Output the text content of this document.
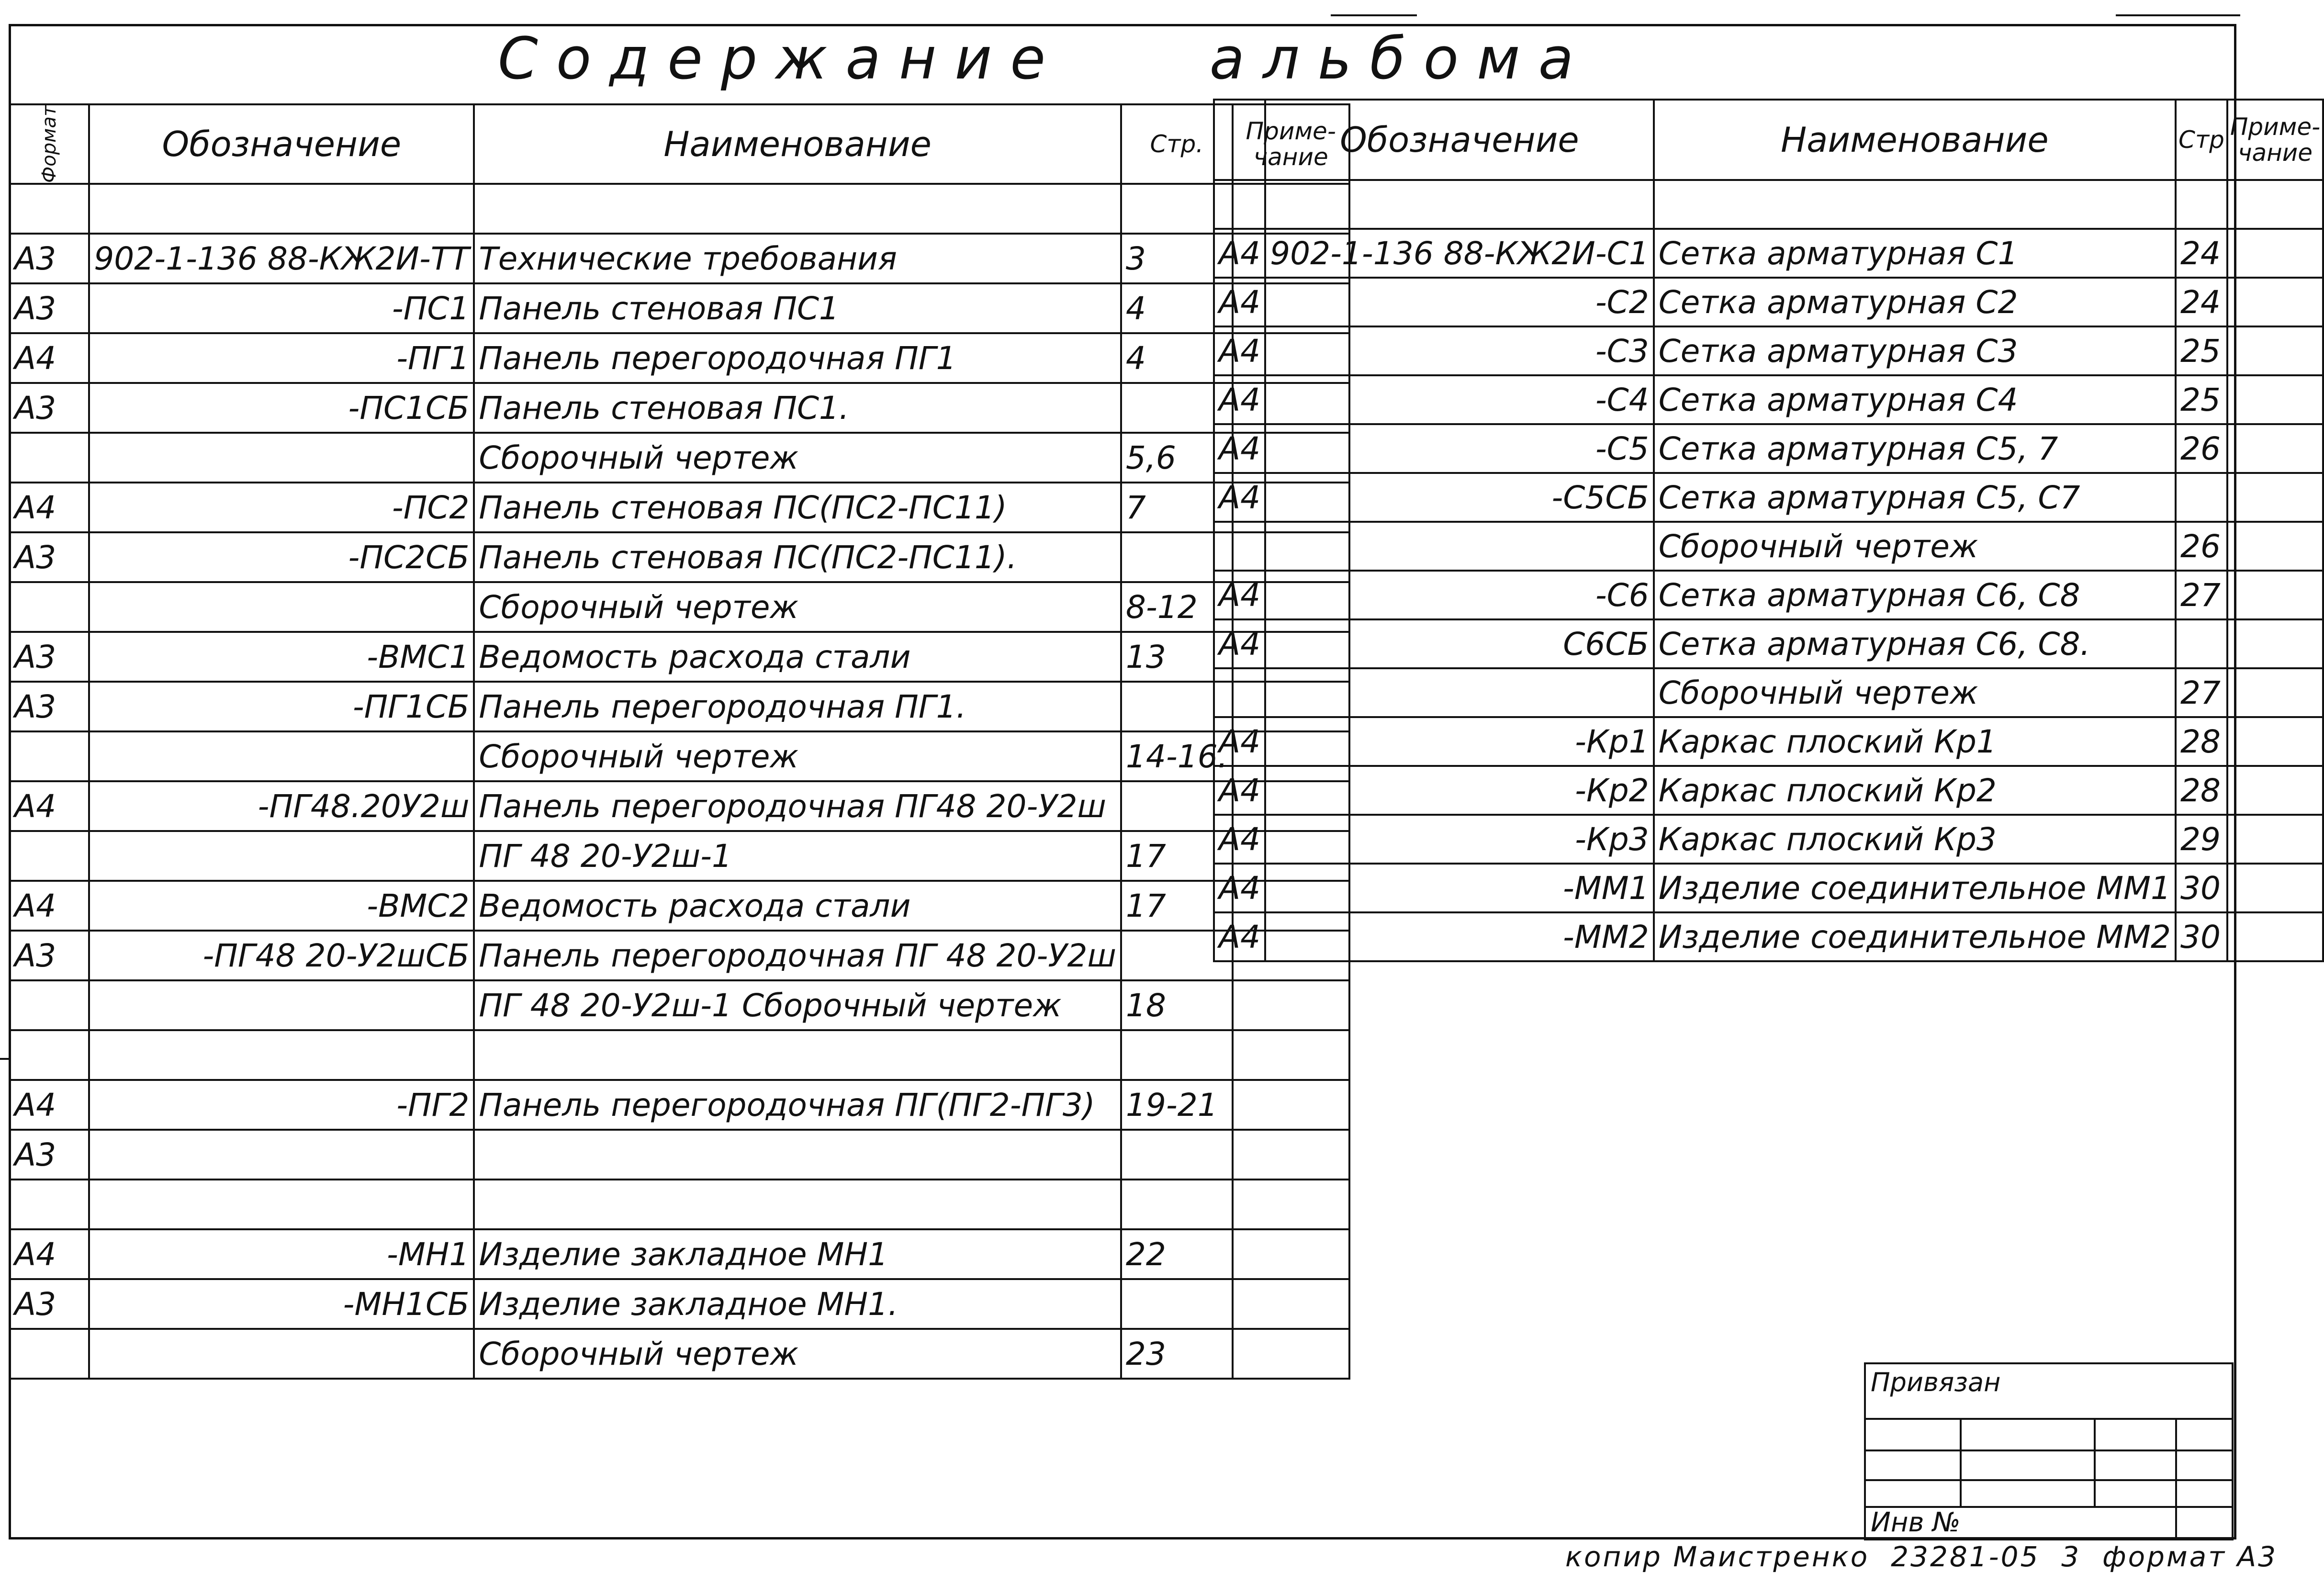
Содержание    альбома
Формат	Обозначение	Наименование	Стр.	Приме-чание

А3	902-1-136 88-КЖ2И-ТТ	Технические требования	3	
А3	-ПС1	Панель стеновая ПС1	4	
А4	-ПГ1	Панель перегородочная ПГ1	4	
А3	-ПС1СБ	Панель стеновая ПС1.		
		Сборочный чертеж	5,6	
А4	-ПС2	Панель стеновая ПС(ПС2-ПС11)	7	
А3	-ПС2СБ	Панель стеновая ПС(ПС2-ПС11).		
		Сборочный чертеж	8-12	
А3	-ВМС1	Ведомость расхода стали	13	
А3	-ПГ1СБ	Панель перегородочная ПГ1.		
		Сборочный чертеж	14-16.	
А4	-ПГ48.20У2ш	Панель перегородочная ПГ48 20-У2ш		
		ПГ 48 20-У2ш-1	17	
А4	-ВМС2	Ведомость расхода стали	17	
А3	-ПГ48 20-У2шСБ	Панель перегородочная ПГ 48 20-У2ш		
		ПГ 48 20-У2ш-1 Сборочный чертеж	18	

А4	-ПГ2	Панель перегородочная ПГ(ПГ2-ПГ3)	19-21	
А3				

А4	-МН1	Изделие закладное МН1	22	
А3	-МН1СБ	Изделие закладное МН1.		
		Сборочный чертеж	23	
	Обозначение	Наименование	Стр	Приме-чание

А4	902-1-136 88-КЖ2И-С1	Сетка арматурная С1	24	
А4	-С2	Сетка арматурная С2	24	
А4	-С3	Сетка арматурная С3	25	
А4	-С4	Сетка арматурная С4	25	
А4	-С5	Сетка арматурная С5, 7	26	
А4	-С5СБ	Сетка арматурная С5, С7		
		Сборочный чертеж	26	
А4	-С6	Сетка арматурная С6, С8	27	
А4	С6СБ	Сетка арматурная С6, С8.		
		Сборочный чертеж	27	
А4	-Кр1	Каркас плоский Кр1	28	
А4	-Кр2	Каркас плоский Кр2	28	
А4	-Кр3	Каркас плоский Кр3	29	
А4	-ММ1	Изделие соединительное ММ1	30	
А4	-ММ2	Изделие соединительное ММ2	30	
Привязан
Инв №
копир Маистренко  23281-05  3  формат А3
